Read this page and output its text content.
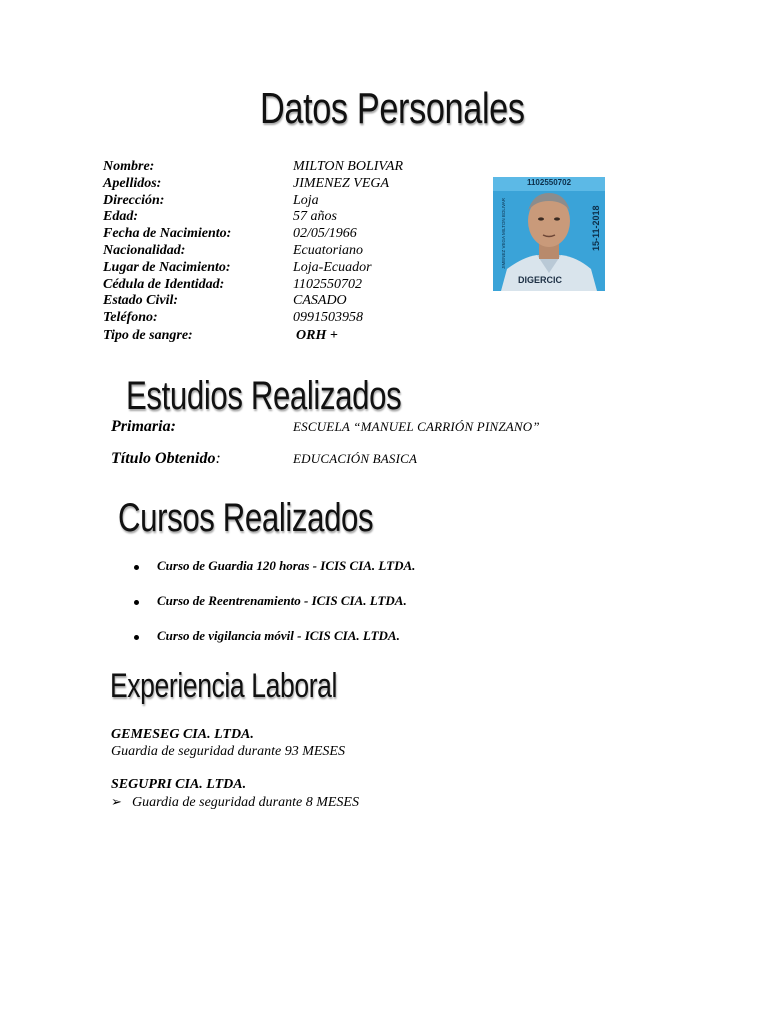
Datos Personales
Nombre:	MILTON BOLIVAR
Apellidos:	JIMENEZ VEGA
Dirección:	Loja
Edad:	57 años
Fecha de Nacimiento:	02/05/1966
Nacionalidad:	Ecuatoriano
Lugar de Nacimiento:	Loja-Ecuador
Cédula de Identidad:	1102550702
Estado Civil:	CASADO
Teléfono:	0991503958
Tipo de sangre:	ORH +
1102550702
JIMENEZ VEGA MILTON BOLIVAR	15-11-2018
DIGERCIC
Estudios Realizados
Primaria:	ESCUELA “MANUEL CARRIÓN PINZANO”
Título Obtenido:	EDUCACIÓN BASICA
Cursos Realizados
Curso de Guardia 120 horas - ICIS CIA. LTDA.
Curso de Reentrenamiento - ICIS CIA. LTDA.
Curso de vigilancia móvil - ICIS CIA. LTDA.
Experiencia Laboral
GEMESEG CIA. LTDA.
Guardia de seguridad durante 93 MESES
SEGUPRI CIA. LTDA.
➢ Guardia de seguridad durante 8 MESES
